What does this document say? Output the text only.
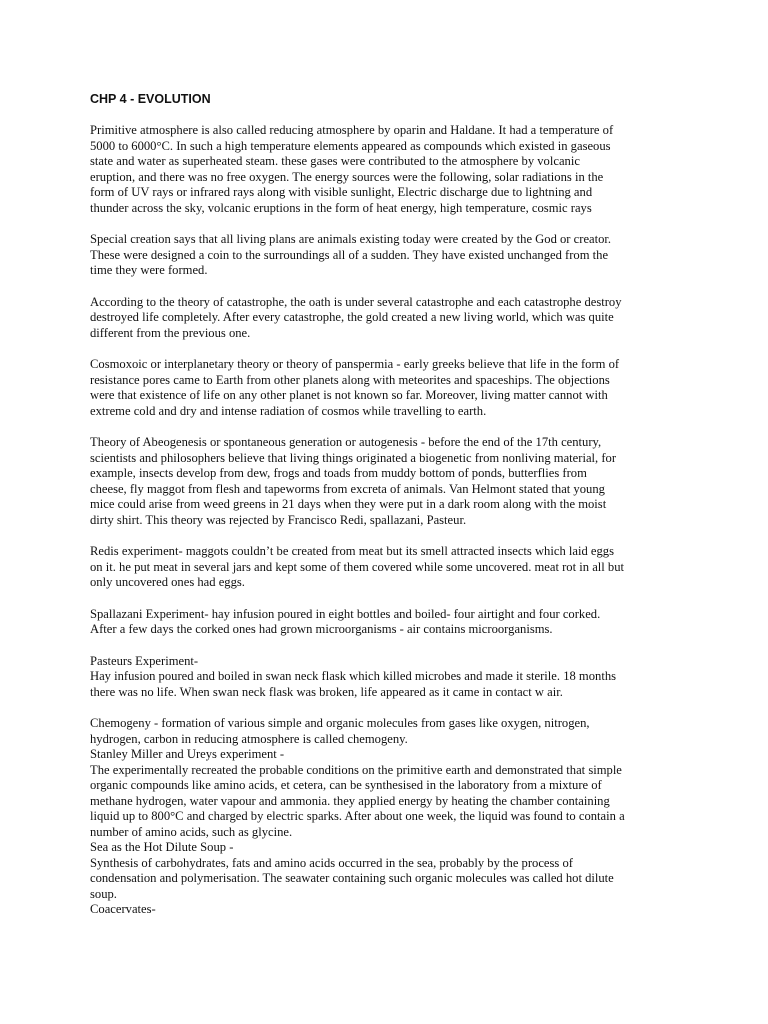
CHP 4 - EVOLUTION
Primitive atmosphere is also called reducing atmosphere by oparin and Haldane. It had a temperature of
5000 to 6000°C. In such a high temperature elements appeared as compounds which existed in gaseous
state and water as superheated steam. these gases were contributed to the atmosphere by volcanic
eruption, and there was no free oxygen. The energy sources were the following, solar radiations in the
form of UV rays or infrared rays along with visible sunlight, Electric discharge due to lightning and
thunder across the sky, volcanic eruptions in the form of heat energy, high temperature, cosmic rays
Special creation says that all living plans are animals existing today were created by the God or creator.
These were designed a coin to the surroundings all of a sudden. They have existed unchanged from the
time they were formed.
According to the theory of catastrophe, the oath is under several catastrophe and each catastrophe destroy
destroyed life completely. After every catastrophe, the gold created a new living world, which was quite
different from the previous one.
Cosmoxoic or interplanetary theory or theory of panspermia - early greeks believe that life in the form of
resistance pores came to Earth from other planets along with meteorites and spaceships. The objections
were that existence of life on any other planet is not known so far. Moreover, living matter cannot with
extreme cold and dry and intense radiation of cosmos while travelling to earth.
Theory of Abeogenesis or spontaneous generation or autogenesis - before the end of the 17th century,
scientists and philosophers believe that living things originated a biogenetic from nonliving material, for
example, insects develop from dew, frogs and toads from muddy bottom of ponds, butterflies from
cheese, fly maggot from flesh and tapeworms from excreta of animals. Van Helmont stated that young
mice could arise from weed greens in 21 days when they were put in a dark room along with the moist
dirty shirt. This theory was rejected by Francisco Redi, spallazani, Pasteur.
Redis experiment- maggots couldn’t be created from meat but its smell attracted insects which laid eggs
on it. he put meat in several jars and kept some of them covered while some uncovered. meat rot in all but
only uncovered ones had eggs.
Spallazani Experiment- hay infusion poured in eight bottles and boiled- four airtight and four corked.
After a few days the corked ones had grown microorganisms - air contains microorganisms.
Pasteurs Experiment-
Hay infusion poured and boiled in swan neck flask which killed microbes and made it sterile. 18 months
there was no life. When swan neck flask was broken, life appeared as it came in contact w air.
Chemogeny - formation of various simple and organic molecules from gases like oxygen, nitrogen,
hydrogen, carbon in reducing atmosphere is called chemogeny.
Stanley Miller and Ureys experiment -
The experimentally recreated the probable conditions on the primitive earth and demonstrated that simple
organic compounds like amino acids, et cetera, can be synthesised in the laboratory from a mixture of
methane hydrogen, water vapour and ammonia. they applied energy by heating the chamber containing
liquid up to 800°C and charged by electric sparks. After about one week, the liquid was found to contain a
number of amino acids, such as glycine.
Sea as the Hot Dilute Soup -
Synthesis of carbohydrates, fats and amino acids occurred in the sea, probably by the process of
condensation and polymerisation. The seawater containing such organic molecules was called hot dilute
soup.
Coacervates-
